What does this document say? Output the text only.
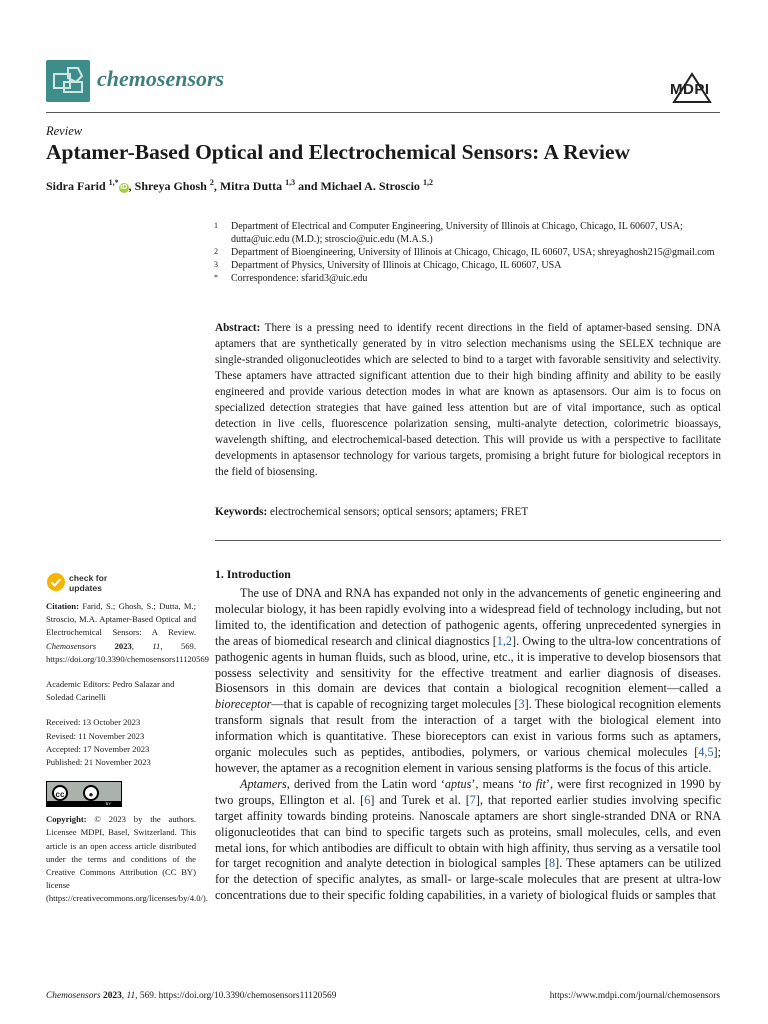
chemosensors	MDPI
Review
Aptamer-Based Optical and Electrochemical Sensors: A Review
Sidra Farid $^{1,*}$iD , Shreya Ghosh $^2$, Mitra Dutta $^{1,3}$ and Michael A. Stroscio $^{1,2}$
1 Department of Electrical and Computer Engineering, University of Illinois at Chicago, Chicago, IL 60607, USA; dutta@uic.edu (M.D.); stroscio@uic.edu (M.A.S.)
2 Department of Bioengineering, University of Illinois at Chicago, Chicago, IL 60607, USA; shreyaghosh215@gmail.com
3 Department of Physics, University of Illinois at Chicago, Chicago, IL 60607, USA
* Correspondence: sfarid3@uic.edu
Abstract: There is a pressing need to identify recent directions in the field of aptamer-based sensing. DNA aptamers that are synthetically generated by in vitro selection mechanisms using the SELEX technique are single-stranded oligonucleotides which are selected to bind to a target with favorable sensitivity and selectivity. These aptamers have attracted significant attention due to their high binding affinity and ability to be easily engineered and provide various detection modes in what are known as aptasensors. Our aim is to focus on specialized detection strategies that have gained less attention but are of vital importance, such as optical detection in live cells, fluorescence polarization sensing, multi-analyte detection, colorimetric bioassays, wavelength shifting, and electrochemical-based detection. This will provide us with a perspective to facilitate developments in aptasensor technology for various targets, promising a bright future for biological receptors in the field of biosensing.
Keywords: electrochemical sensors; optical sensors; aptamers; FRET
check for
updates
Citation: Farid, S.; Ghosh, S.; Dutta, M.; Stroscio, M.A. Aptamer-Based Optical and Electrochemical Sensors: A Review. Chemosensors 2023, 11, 569. https://doi.org/10.3390/chemosensors11120569
Academic Editors: Pedro Salazar and Soledad Carinelli
Received: 13 October 2023
Revised: 11 November 2023
Accepted: 17 November 2023
Published: 21 November 2023
cc	●
BY
Copyright: © 2023 by the authors. Licensee MDPI, Basel, Switzerland. This article is an open access article distributed under the terms and conditions of the Creative Commons Attribution (CC BY) license (https://creativecommons.org/licenses/by/4.0/).
1. Introduction

The use of DNA and RNA has expanded not only in the advancements of genetic engineering and molecular biology, it has been rapidly evolving into a widespread field of technology including, but not limited to, the identification and detection of pathogenic agents, offering unprecedented synergies in the areas of biomedical research and clinical diagnostics [1,2]. Owing to the ultra-low concentrations of pathogenic agents in human fluids, such as blood, urine, etc., it is imperative to develop biosensors that possess selectivity and sensitivity for the effective treatment and earlier diagnosis of diseases. Biosensors in this domain are devices that contain a biological recognition element—called a bioreceptor—that is capable of recognizing target molecules [3]. These biological recognition elements transform signals that result from the interaction of a target with the biological element into information which is quantitative. These bioreceptors can exist in various forms such as aptamers, organic molecules such as peptides, antibodies, polymers, or various chemical molecules [4,5]; however, the aptamer as a recognition element in various sensing platforms is the focus of this article.

Aptamers, derived from the Latin word ‘aptus’, means ‘to fit’, were first recognized in 1990 by two groups, Ellington et al. [6] and Turek et al. [7], that reported earlier studies involving specific target affinity towards binding proteins. Nanoscale aptamers are short single-stranded DNA or RNA oligonucleotides that can bind to specific targets such as proteins, small molecules, cells, and even metal ions, for which antibodies are difficult to obtain with high affinity, thus serving as a versatile tool for target recognition and analyte detection in biological samples [8]. These aptamers can be utilized for the detection of specific analytes, as small- or large-scale molecules that are present at ultra-low concentrations due to their specific folding capabilities, in a variety of biological fluids or samples that

Chemosensors 2023, 11, 569. https://doi.org/10.3390/chemosensors11120569	https://www.mdpi.com/journal/chemosensors
